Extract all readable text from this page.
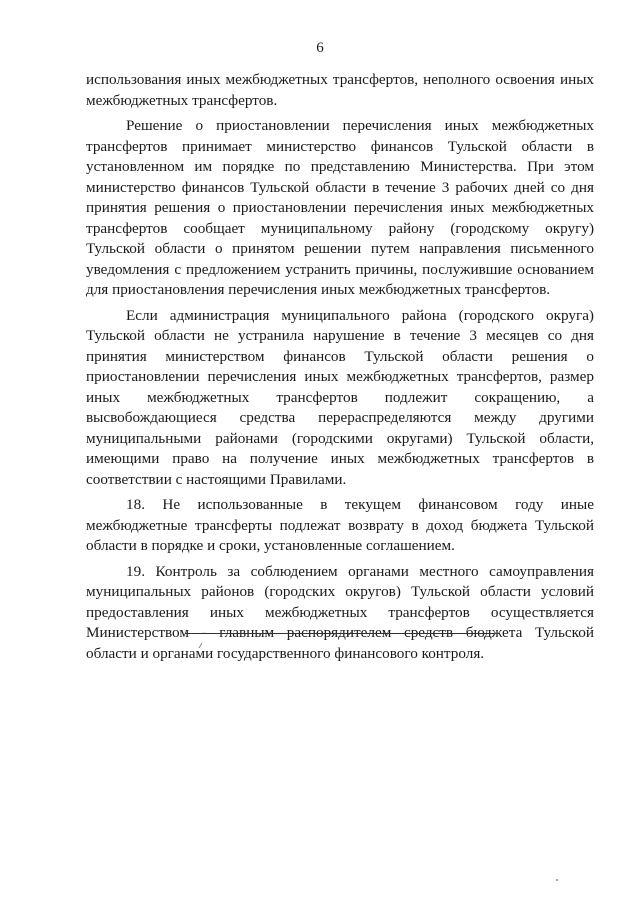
6

использования иных межбюджетных трансфертов, неполного освоения иных межбюджетных трансфертов.

Решение о приостановлении перечисления иных межбюджетных трансфертов принимает министерство финансов Тульской области в установленном им порядке по представлению Министерства. При этом министерство финансов Тульской области в течение 3 рабочих дней со дня принятия решения о приостановлении перечисления иных межбюджетных трансфертов сообщает муниципальному району (городскому округу) Тульской области о принятом решении путем направления письменного уведомления с предложением устранить причины, послужившие основанием для приостановления перечисления иных межбюджетных трансфертов.

Если администрация муниципального района (городского округа) Тульской области не устранила нарушение в течение 3 месяцев со дня принятия министерством финансов Тульской области решения о приостановлении перечисления иных межбюджетных трансфертов, размер иных межбюджетных трансфертов подлежит сокращению, а высвобождающиеся средства перераспределяются между другими муниципальными районами (городскими округами) Тульской области, имеющими право на получение иных межбюджетных трансфертов в соответствии с настоящими Правилами.

18. Не использованные в текущем финансовом году иные межбюджетные трансферты подлежат возврату в доход бюджета Тульской области в порядке и сроки, установленные соглашением.

19. Контроль за соблюдением органами местного самоуправления муниципальных районов (городских округов) Тульской области условий предоставления иных межбюджетных трансфертов осуществляется Министерством - главным распорядителем средств бюджета Тульской области и органами государственного финансового контроля.
